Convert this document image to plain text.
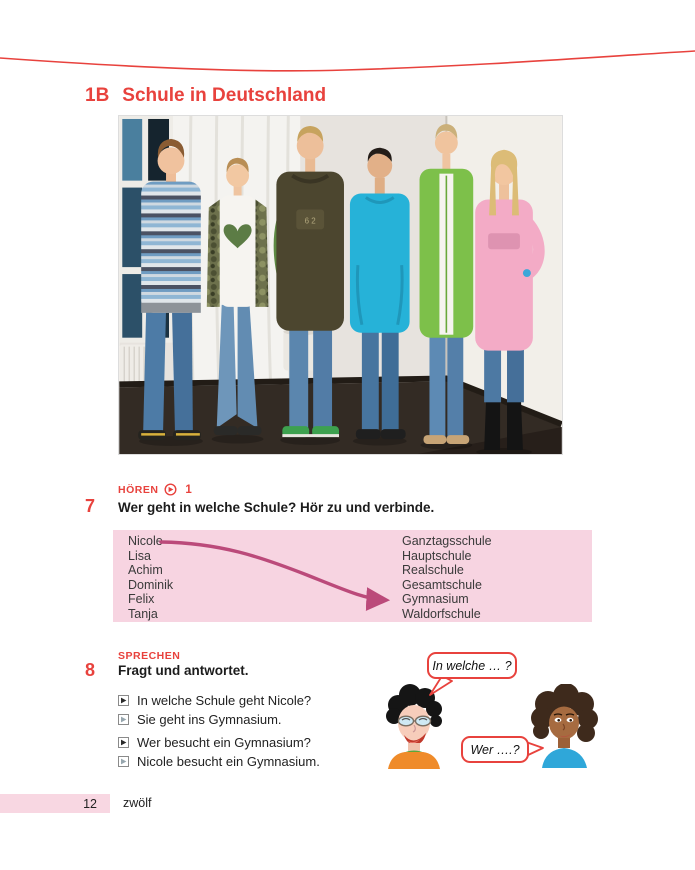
1B Schule in Deutschland
6 2
7
HÖREN 1
Wer geht in welche Schule? Hör zu und verbinde.
Nicole
Lisa
Achim
Dominik
Felix
Tanja
Ganztagsschule
Hauptschule
Realschule
Gesamtschule
Gymnasium
Waldorfschule
SPRECHEN
8 Fragt und antwortet.
In welche Schule geht Nicole?
Sie geht ins Gymnasium.
Wer besucht ein Gymnasium?
Nicole besucht ein Gymnasium.
In welche … ?
Wer ….?
12 zwölf
